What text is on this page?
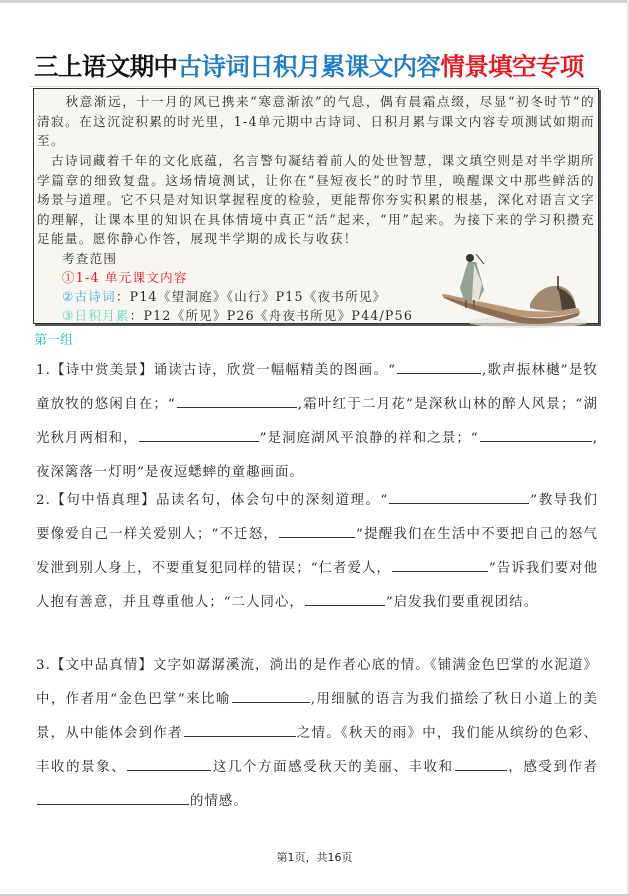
三上语文期中古诗词日积月累课文内容情景填空专项

　　秋意渐远，十一月的风已携来“寒意渐浓”的气息，偶有晨霜点缀，尽显“初冬时节”的清寂。在这沉淀积累的时光里，1-4单元期中古诗词、日积月累与课文内容专项测试如期而至。

　古诗词藏着千年的文化底蕴，名言警句凝结着前人的处世智慧，课文填空则是对半学期所学篇章的细致复盘。这场情境测试，让你在“昼短夜长”的时节里，唤醒课文中那些鲜活的场景与道理。它不只是对知识掌握程度的检验，更能帮你夯实积累的根基，深化对语言文字的理解，让课本里的知识在具体情境中真正“活”起来，“用”起来。为接下来的学习积攒充足能量。愿你静心作答，展现半学期的成长与收获！

考查范围
①1-4 单元课文内容
②古诗词：P14《望洞庭》《山行》P15《夜书所见》
③日积月累：P12《所见》P26《舟夜书所见》P44/P56
第一组

1.【诗中赏美景】诵读古诗，欣赏一幅幅精美的图画。“	,歌声振林樾”是牧童放牧的悠闲自在；“	,霜叶红于二月花”是深秋山林的醉人风景；“湖光秋月两相和，	”是洞庭湖风平浪静的祥和之景；“	,夜深篱落一灯明”是夜逗蟋蟀的童趣画面。

2.【句中悟真理】品读名句，体会句中的深刻道理。“	”教导我们要像爱自己一样关爱别人；“不迁怒，	”提醒我们在生活中不要把自己的怒气发泄到别人身上，不要重复犯同样的错误；“仁者爱人，	”告诉我们要对他人抱有善意，并且尊重他人；“二人同心，	”启发我们要重视团结。

3.【文中品真情】文字如潺潺溪流，淌出的是作者心底的情。《铺满金色巴掌的水泥道》中，作者用“金色巴掌”来比喻	,用细腻的语言为我们描绘了秋日小道上的美景，从中能体会到作者	之情。《秋天的雨》中，我们能从缤纷的色彩、丰收的景象、	这几个方面感受秋天的美丽、丰收和	，感受到作者的情感。

第1页，共16页
